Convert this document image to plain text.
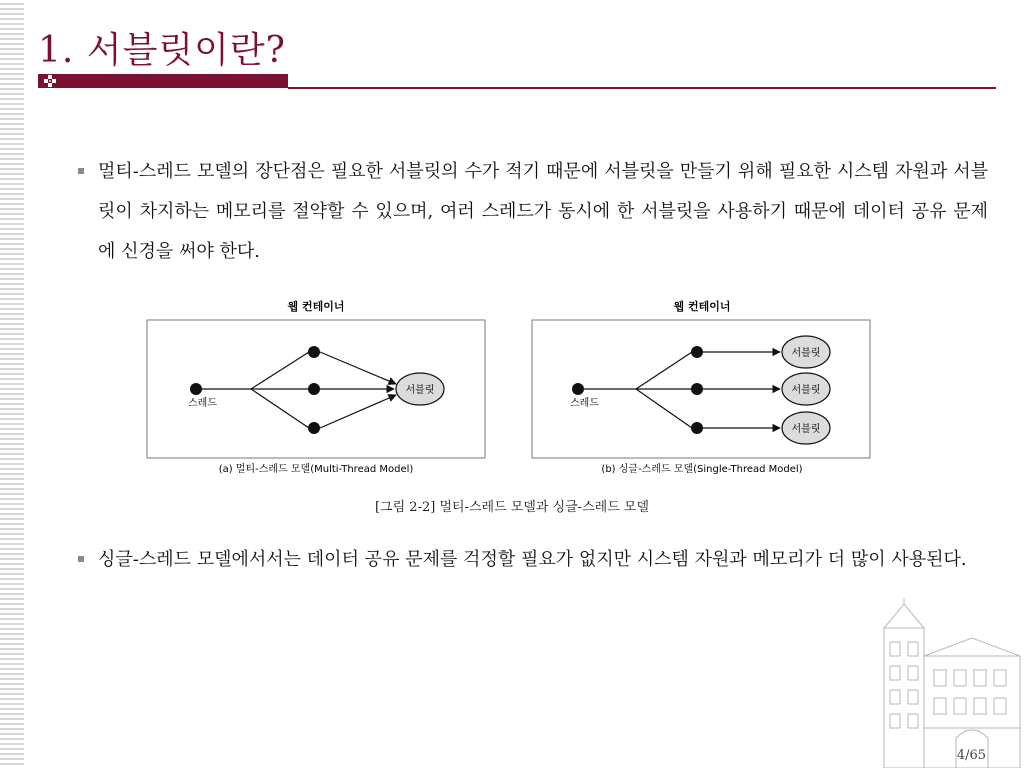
1. 서블릿이란?
멀티-스레드 모델의 장단점은 필요한 서블릿의 수가 적기 때문에 서블릿을 만들기 위해 필요한 시스템 자원과 서블릿이 차지하는 메모리를 절약할 수 있으며, 여러 스레드가 동시에 한 서블릿을 사용하기 때문에 데이터 공유 문제에 신경을 써야 한다.
웹 컨테이너
스레드
서블릿
(a) 멀티-스레드 모델(Multi-Thread Model)
웹 컨테이너
스레드
서블릿
서블릿
서블릿
(b) 싱글-스레드 모델(Single-Thread Model)
[그림 2-2] 멀티-스레드 모델과 싱글-스레드 모델
싱글-스레드 모델에서서는 데이터 공유 문제를 걱정할 필요가 없지만 시스템 자원과 메모리가 더 많이 사용된다.
4/65
